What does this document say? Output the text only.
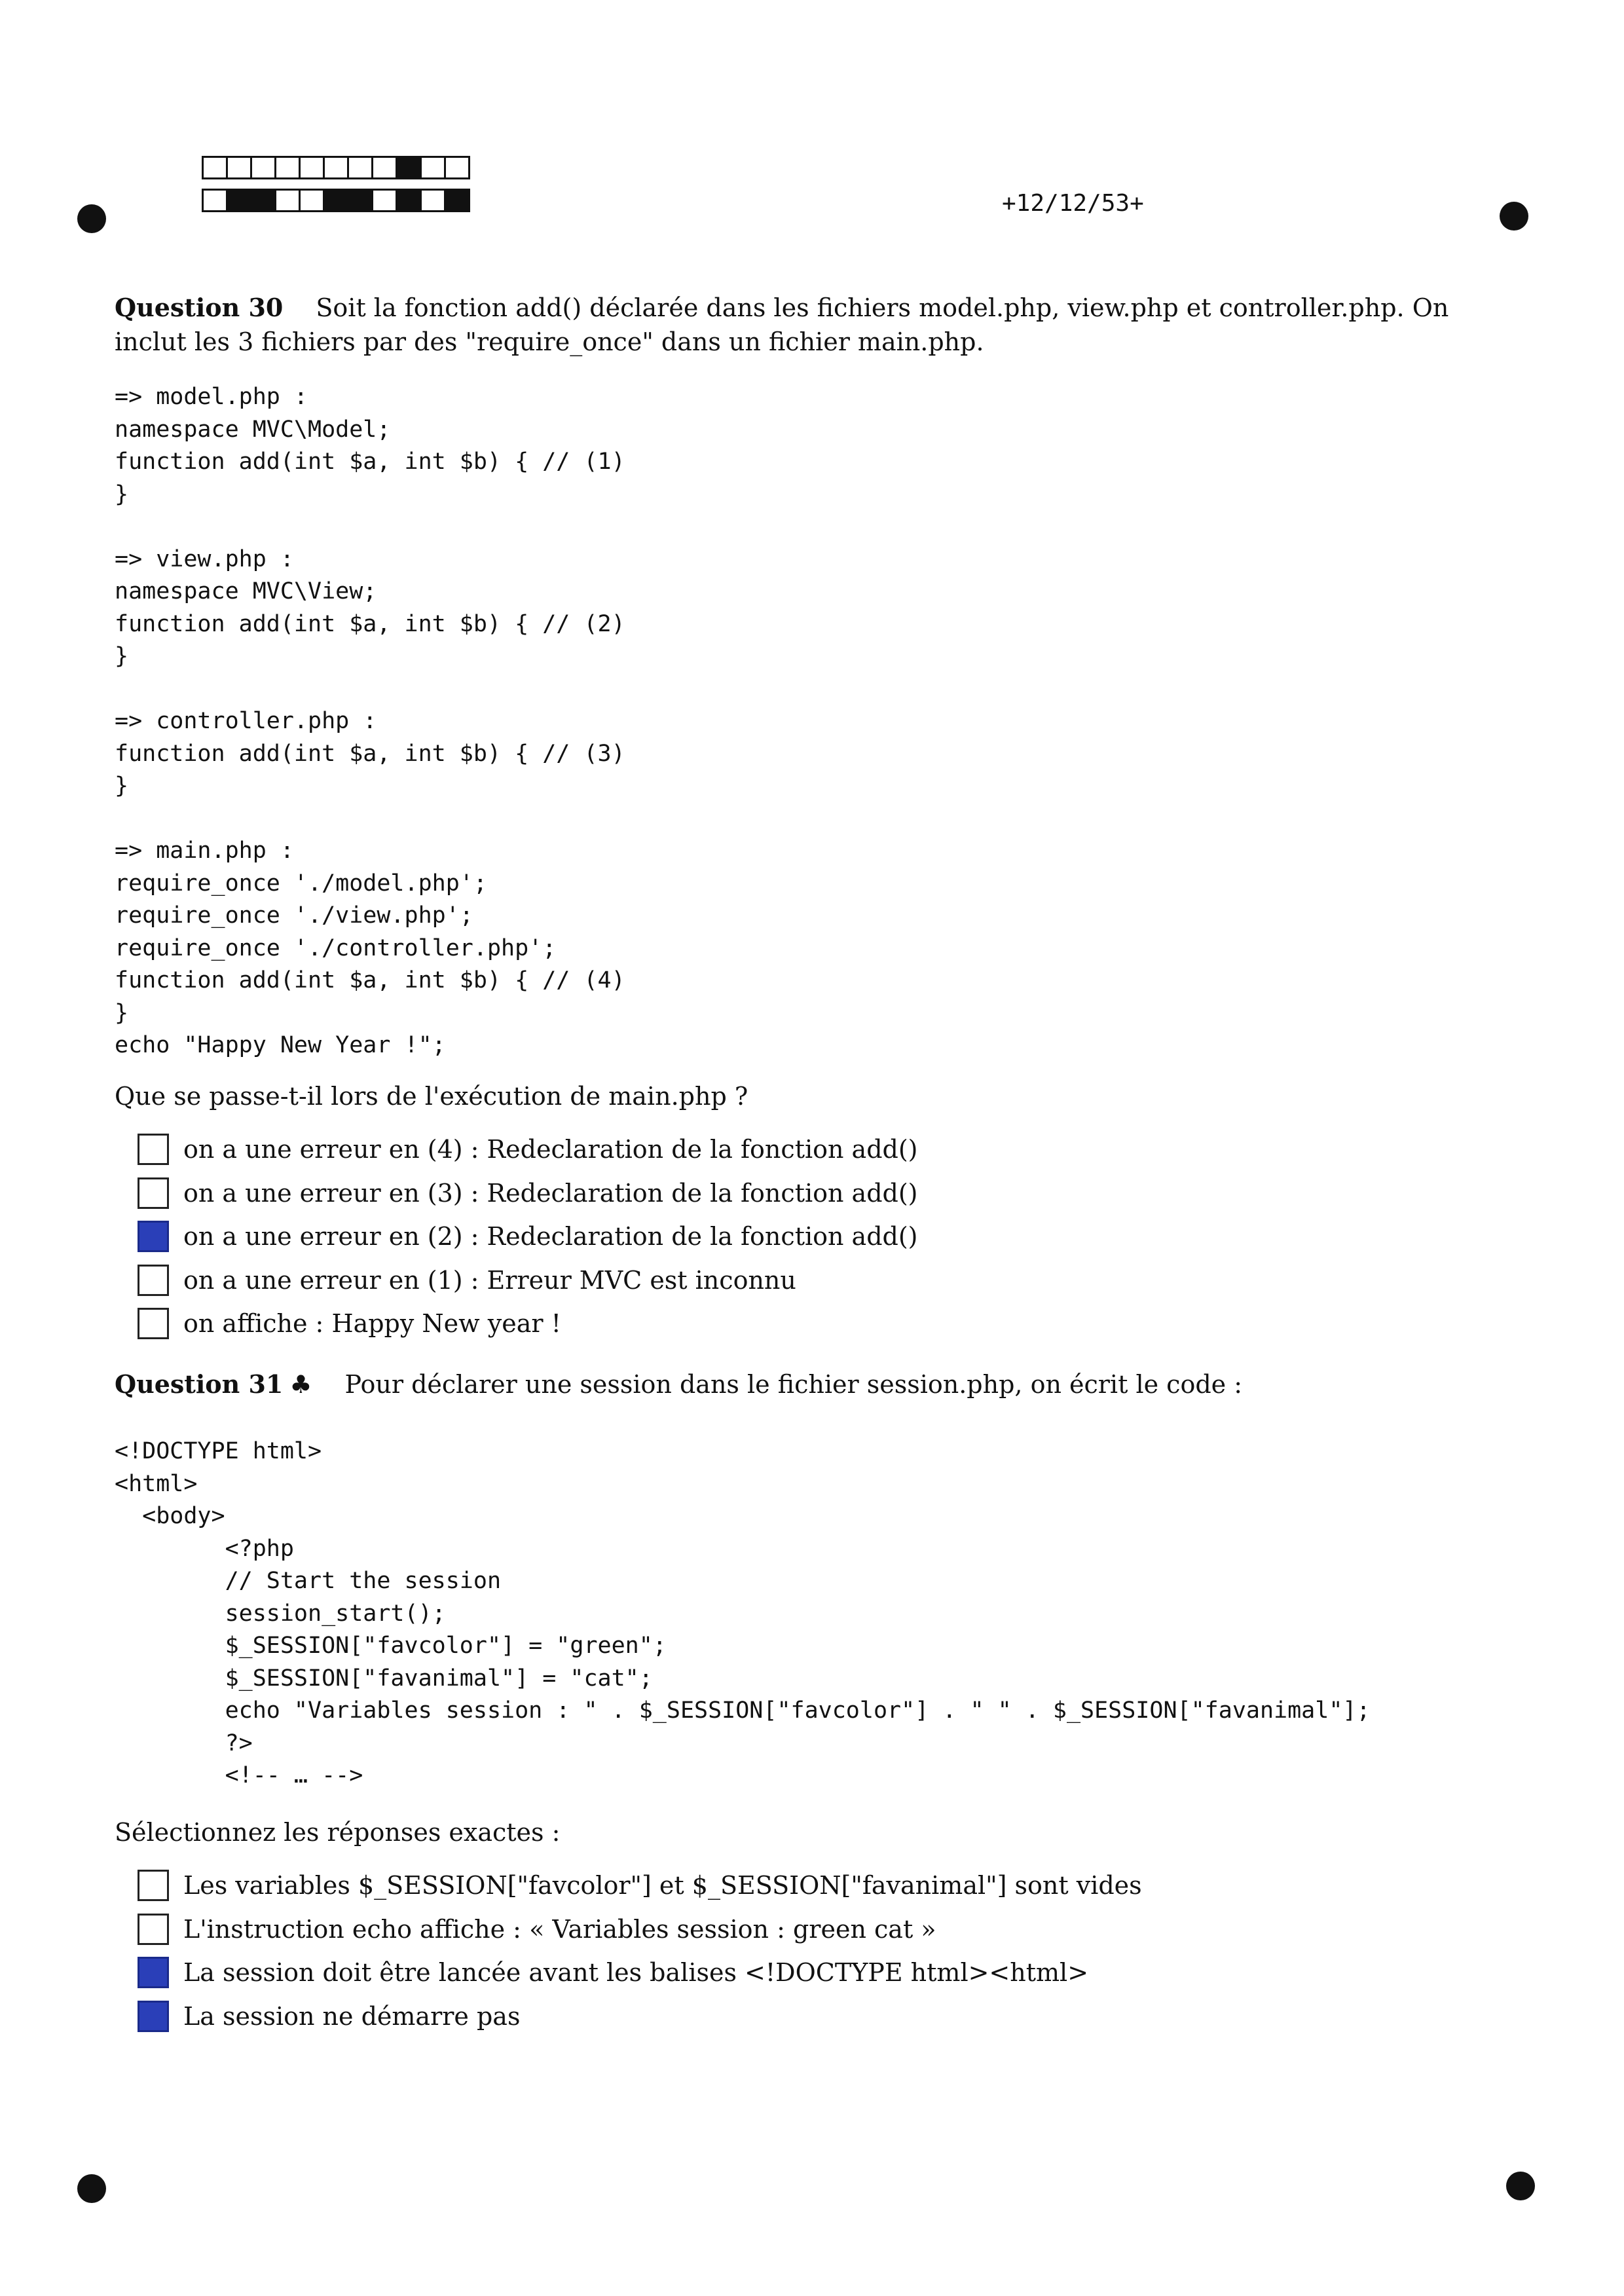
+12/12/53+
Question 30 Soit la fonction add() déclarée dans les fichiers model.php, view.php et controller.php. On inclut les 3 fichiers par des "require_once" dans un fichier main.php.
=> model.php :
namespace MVC\Model;
function add(int $a, int $b) { // (1)
}
=> view.php :
namespace MVC\View;
function add(int $a, int $b) { // (2)
}
=> controller.php :
function add(int $a, int $b) { // (3)
}
=> main.php :
require_once './model.php';
require_once './view.php';
require_once './controller.php';
function add(int $a, int $b) { // (4)
}
echo "Happy New Year !";
Que se passe-t-il lors de l'exécution de main.php ?
on a une erreur en (4) : Redeclaration de la fonction add()
on a une erreur en (3) : Redeclaration de la fonction add()
on a une erreur en (2) : Redeclaration de la fonction add()
on a une erreur en (1) : Erreur MVC est inconnu
on affiche : Happy New year !
Question 31 ♣ Pour déclarer une session dans le fichier session.php, on écrit le code :
<!DOCTYPE html>
<html>
<body>
<?php
// Start the session
session_start();
$_SESSION["favcolor"] = "green";
$_SESSION["favanimal"] = "cat";
echo "Variables session : " . $_SESSION["favcolor"] . " " . $_SESSION["favanimal"];
?>
<!-- … -->
Sélectionnez les réponses exactes :
Les variables $_SESSION["favcolor"] et $_SESSION["favanimal"] sont vides
L'instruction echo affiche : « Variables session : green cat »
La session doit être lancée avant les balises <!DOCTYPE html><html>
La session ne démarre pas
